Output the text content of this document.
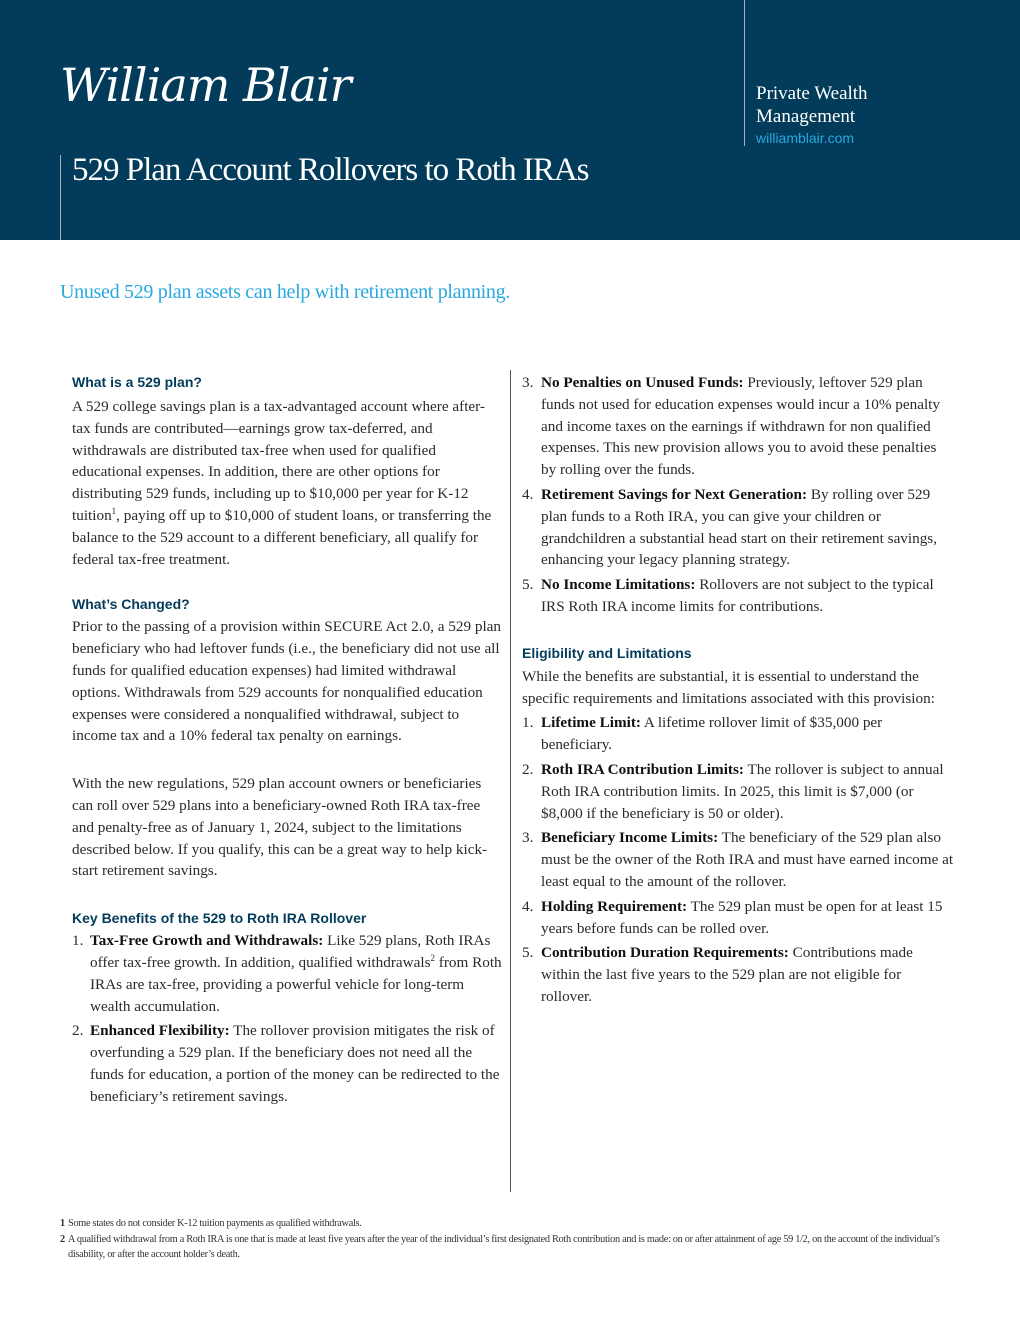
William Blair	Private Wealth
Management
williamblair.com
529 Plan Account Rollovers to Roth IRAs
Unused 529 plan assets can help with retirement planning.
What is a 529 plan?
A 529 college savings plan is a tax-advantaged account where after-tax funds are contributed—earnings grow tax-deferred, and withdrawals are distributed tax-free when used for qualified educational expenses. In addition, there are other options for distributing 529 funds, including up to $10,000 per year for K-12 tuition$^1$, paying off up to $10,000 of student loans, or transferring the balance to the 529 account to a different beneficiary, all qualify for federal tax-free treatment.
What’s Changed?
Prior to the passing of a provision within SECURE Act 2.0, a 529 plan beneficiary who had leftover funds (i.e., the beneficiary did not use all funds for qualified education expenses) had limited withdrawal options. Withdrawals from 529 accounts for nonqualified education expenses were considered a nonqualified withdrawal, subject to income tax and a 10% federal tax penalty on earnings.
With the new regulations, 529 plan account owners or beneficiaries can roll over 529 plans into a beneficiary-owned Roth IRA tax-free and penalty-free as of January 1, 2024, subject to the limitations described below. If you qualify, this can be a great way to help kick-start retirement savings.
Key Benefits of the 529 to Roth IRA Rollover
1. Tax-Free Growth and Withdrawals: Like 529 plans, Roth IRAs offer tax-free growth. In addition, qualified withdrawals$^2$ from Roth IRAs are tax-free, providing a powerful vehicle for long-term wealth accumulation.
2. Enhanced Flexibility: The rollover provision mitigates the risk of overfunding a 529 plan. If the beneficiary does not need all the funds for education, a portion of the money can be redirected to the beneficiary’s retirement savings.
3. No Penalties on Unused Funds: Previously, leftover 529 plan funds not used for education expenses would incur a 10% penalty and income taxes on the earnings if withdrawn for non qualified expenses. This new provision allows you to avoid these penalties by rolling over the funds.
4. Retirement Savings for Next Generation: By rolling over 529 plan funds to a Roth IRA, you can give your children or grandchildren a substantial head start on their retirement savings, enhancing your legacy planning strategy.
5. No Income Limitations: Rollovers are not subject to the typical IRS Roth IRA income limits for contributions.
Eligibility and Limitations
While the benefits are substantial, it is essential to understand the specific requirements and limitations associated with this provision:
1. Lifetime Limit: A lifetime rollover limit of $35,000 per beneficiary.
2. Roth IRA Contribution Limits: The rollover is subject to annual Roth IRA contribution limits. In 2025, this limit is $7,000 (or $8,000 if the beneficiary is 50 or older).
3. Beneficiary Income Limits: The beneficiary of the 529 plan also must be the owner of the Roth IRA and must have earned income at least equal to the amount of the rollover.
4. Holding Requirement: The 529 plan must be open for at least 15 years before funds can be rolled over.
5. Contribution Duration Requirements: Contributions made within the last five years to the 529 plan are not eligible for rollover.
1 Some states do not consider K-12 tuition payments as qualified withdrawals.
2 A qualified withdrawal from a Roth IRA is one that is made at least five years after the year of the individual’s first designated Roth contribution and is made: on or after attainment of age 59 1/2, on the account of the individual’s disability, or after the account holder’s death.
